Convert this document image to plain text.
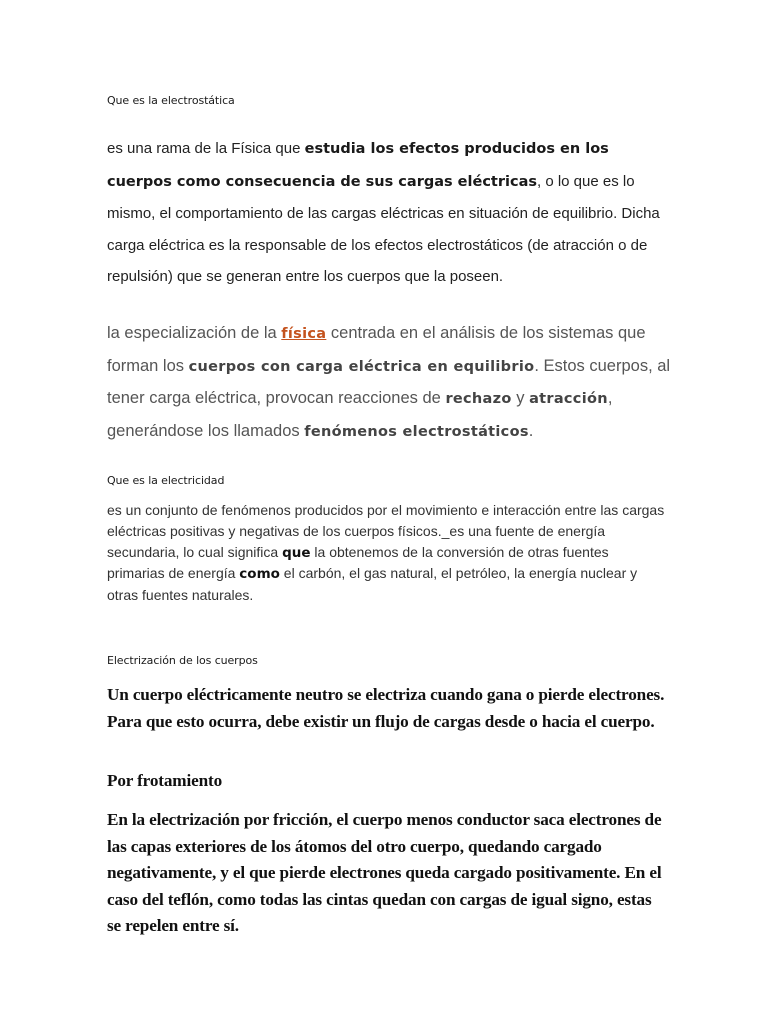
Que es la electrostática

es una rama de la Física que estudia los efectos producidos en los cuerpos como consecuencia de sus cargas eléctricas, o lo que es lo mismo, el comportamiento de las cargas eléctricas en situación de equilibrio. Dicha carga eléctrica es la responsable de los efectos electrostáticos (de atracción o de repulsión) que se generan entre los cuerpos que la poseen.

la especialización de la física centrada en el análisis de los sistemas que forman los cuerpos con carga eléctrica en equilibrio. Estos cuerpos, al tener carga eléctrica, provocan reacciones de rechazo y atracción, generándose los llamados fenómenos electrostáticos.

Que es la electricidad

es un conjunto de fenómenos producidos por el movimiento e interacción entre las cargas eléctricas positivas y negativas de los cuerpos físicos._es una fuente de energía secundaria, lo cual significa que la obtenemos de la conversión de otras fuentes primarias de energía como el carbón, el gas natural, el petróleo, la energía nuclear y otras fuentes naturales.

Electrización de los cuerpos

Un cuerpo eléctricamente neutro se electriza cuando gana o pierde electrones. Para que esto ocurra, debe existir un flujo de cargas desde o hacia el cuerpo.

Por frotamiento

En la electrización por fricción, el cuerpo menos conductor saca electrones de las capas exteriores de los átomos del otro cuerpo, quedando cargado negativamente, y el que pierde electrones queda cargado positivamente. En el caso del teflón, como todas las cintas quedan con cargas de igual signo, estas se repelen entre sí.
